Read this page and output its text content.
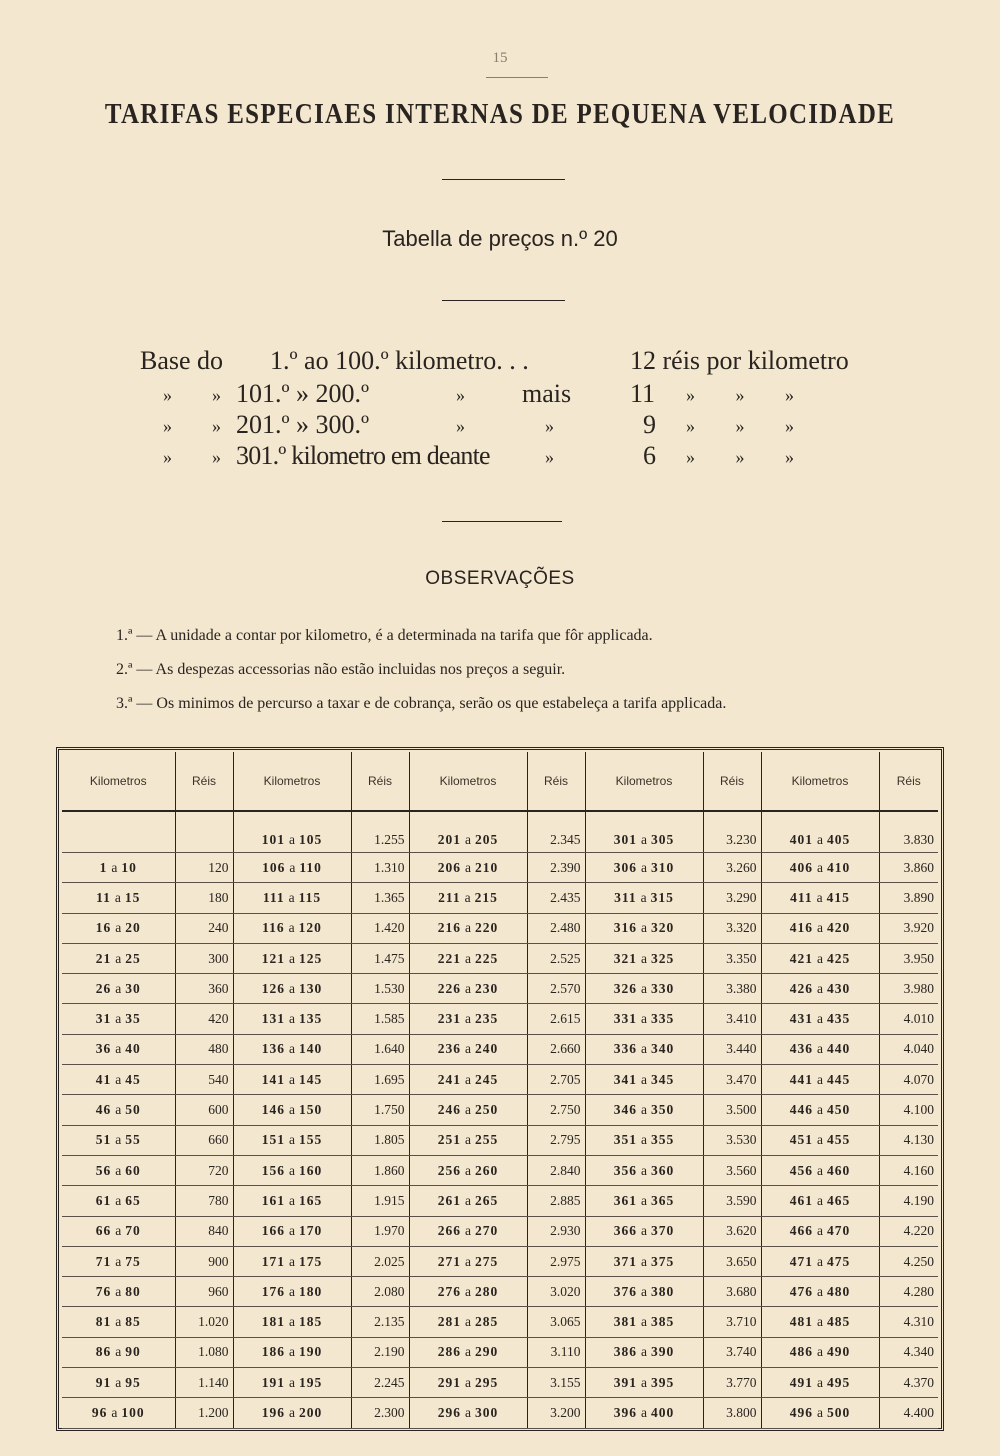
15
TARIFAS ESPECIAES INTERNAS DE PEQUENA VELOCIDADE
Tabella de preços n.º 20
Base do 1.º ao 100.º kilometro. . .	12 réis por kilometro
» » 101.º » 200.º	» mais 11 » » »
» » 201.º » 300.º	»	»	9 » » »
» » 301.º kilometro em deante	»	6 » » »
OBSERVAÇÕES
1.ª — A unidade a contar por kilometro, é a determinada na tarifa que fôr applicada.
2.ª — As despezas accessorias não estão incluidas nos preços a seguir.
3.ª — Os minimos de percurso a taxar e de cobrança, serão os que estabeleça a tarifa applicada.
Kilometros	Réis	Kilometros	Réis	Kilometros	Réis	Kilometros	Réis	Kilometros	Réis
		101 a 105	1.255	201 a 205	2.345	301 a 305	3.230	401 a 405	3.830
1 a 10	120	106 a 110	1.310	206 a 210	2.390	306 a 310	3.260	406 a 410	3.860
11 a 15	180	111 a 115	1.365	211 a 215	2.435	311 a 315	3.290	411 a 415	3.890
16 a 20	240	116 a 120	1.420	216 a 220	2.480	316 a 320	3.320	416 a 420	3.920
21 a 25	300	121 a 125	1.475	221 a 225	2.525	321 a 325	3.350	421 a 425	3.950
26 a 30	360	126 a 130	1.530	226 a 230	2.570	326 a 330	3.380	426 a 430	3.980
31 a 35	420	131 a 135	1.585	231 a 235	2.615	331 a 335	3.410	431 a 435	4.010
36 a 40	480	136 a 140	1.640	236 a 240	2.660	336 a 340	3.440	436 a 440	4.040
41 a 45	540	141 a 145	1.695	241 a 245	2.705	341 a 345	3.470	441 a 445	4.070
46 a 50	600	146 a 150	1.750	246 a 250	2.750	346 a 350	3.500	446 a 450	4.100
51 a 55	660	151 a 155	1.805	251 a 255	2.795	351 a 355	3.530	451 a 455	4.130
56 a 60	720	156 a 160	1.860	256 a 260	2.840	356 a 360	3.560	456 a 460	4.160
61 a 65	780	161 a 165	1.915	261 a 265	2.885	361 a 365	3.590	461 a 465	4.190
66 a 70	840	166 a 170	1.970	266 a 270	2.930	366 a 370	3.620	466 a 470	4.220
71 a 75	900	171 a 175	2.025	271 a 275	2.975	371 a 375	3.650	471 a 475	4.250
76 a 80	960	176 a 180	2.080	276 a 280	3.020	376 a 380	3.680	476 a 480	4.280
81 a 85	1.020	181 a 185	2.135	281 a 285	3.065	381 a 385	3.710	481 a 485	4.310
86 a 90	1.080	186 a 190	2.190	286 a 290	3.110	386 a 390	3.740	486 a 490	4.340
91 a 95	1.140	191 a 195	2.245	291 a 295	3.155	391 a 395	3.770	491 a 495	4.370
96 a 100	1.200	196 a 200	2.300	296 a 300	3.200	396 a 400	3.800	496 a 500	4.400
